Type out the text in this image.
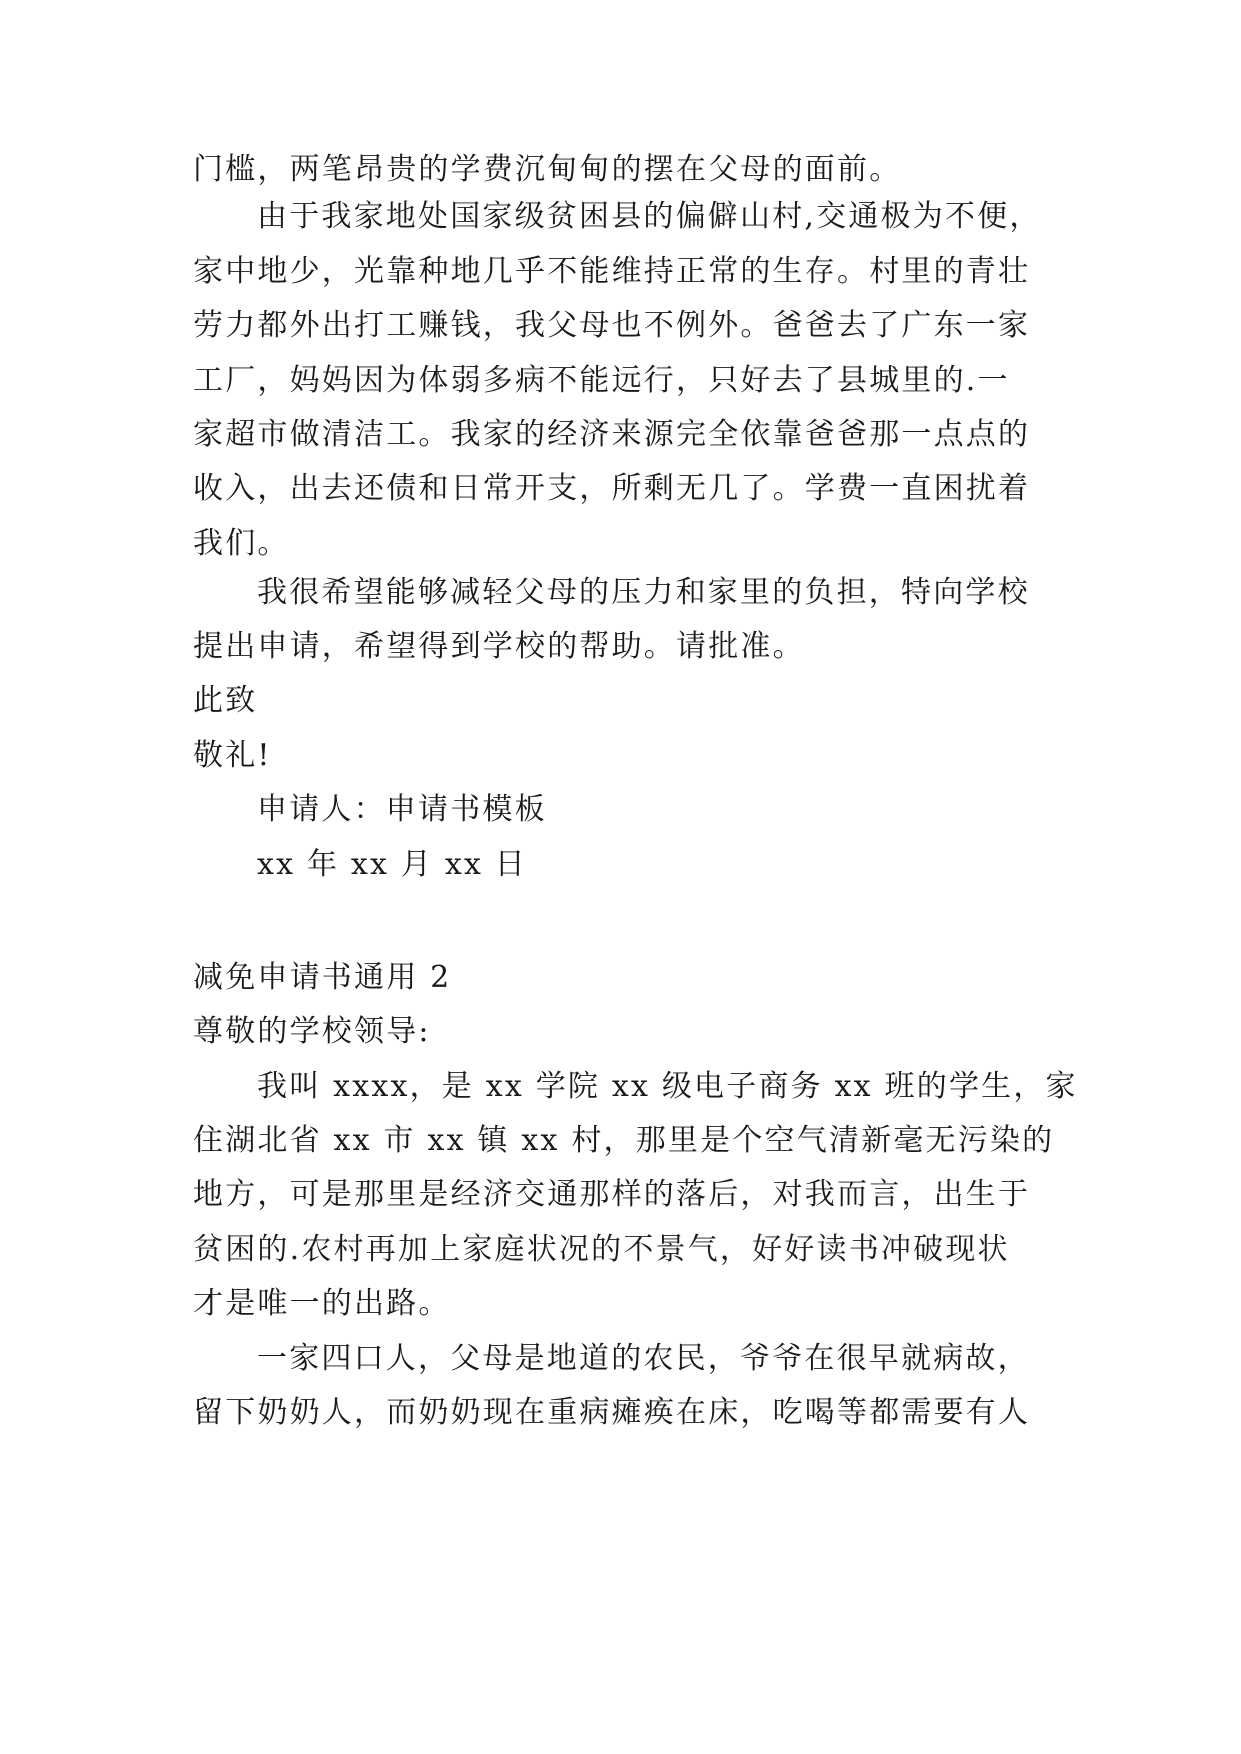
门槛，两笔昂贵的学费沉甸甸的摆在父母的面前。
由于我家地处国家级贫困县的偏僻山村,交通极为不便，
家中地少，光靠种地几乎不能维持正常的生存。村里的青壮
劳力都外出打工赚钱，我父母也不例外。爸爸去了广东一家
工厂，妈妈因为体弱多病不能远行，只好去了县城里的.一
家超市做清洁工。我家的经济来源完全依靠爸爸那一点点的
收入，出去还债和日常开支，所剩无几了。学费一直困扰着
我们。
我很希望能够减轻父母的压力和家里的负担，特向学校
提出申请，希望得到学校的帮助。请批准。
此致
敬礼!
申请人：申请书模板
xx 年 xx 月 xx 日
减免申请书通用 2
尊敬的学校领导:
我叫 xxxx，是 xx 学院 xx 级电子商务 xx 班的学生，家
住湖北省 xx 市 xx 镇 xx 村，那里是个空气清新毫无污染的
地方，可是那里是经济交通那样的落后，对我而言，出生于
贫困的.农村再加上家庭状况的不景气，好好读书冲破现状
才是唯一的出路。
一家四口人，父母是地道的农民，爷爷在很早就病故，
留下奶奶人，而奶奶现在重病瘫痪在床，吃喝等都需要有人
